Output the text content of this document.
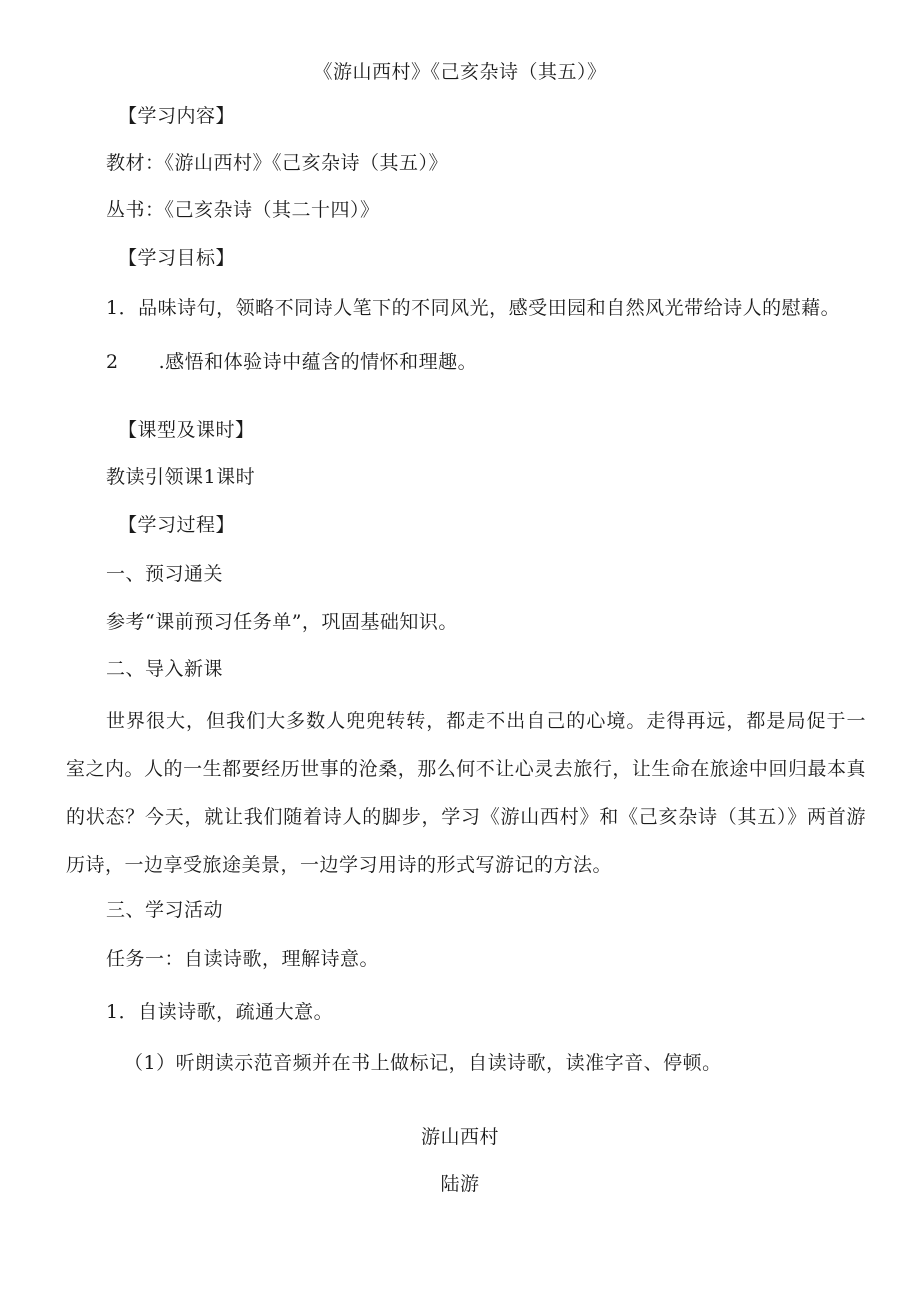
《游山西村》《己亥杂诗（其五）》
【学习内容】
教材：《游山西村》《己亥杂诗（其五）》
丛书：《己亥杂诗（其二十四）》
【学习目标】
1．品味诗句，领略不同诗人笔下的不同风光，感受田园和自然风光带给诗人的慰藉。
2 .感悟和体验诗中蕴含的情怀和理趣。
【课型及课时】
教读引领课1课时
【学习过程】
一、预习通关
参考“课前预习任务单”，巩固基础知识。
二、导入新课
世界很大，但我们大多数人兜兜转转，都走不出自己的心境。走得再远，都是局促于一室之内。人的一生都要经历世事的沧桑，那么何不让心灵去旅行，让生命在旅途中回归最本真的状态？今天，就让我们随着诗人的脚步，学习《游山西村》和《己亥杂诗（其五）》两首游历诗，一边享受旅途美景，一边学习用诗的形式写游记的方法。
三、学习活动
任务一：自读诗歌，理解诗意。
1．自读诗歌，疏通大意。
（1）听朗读示范音频并在书上做标记，自读诗歌，读准字音、停顿。
游山西村
陆游
